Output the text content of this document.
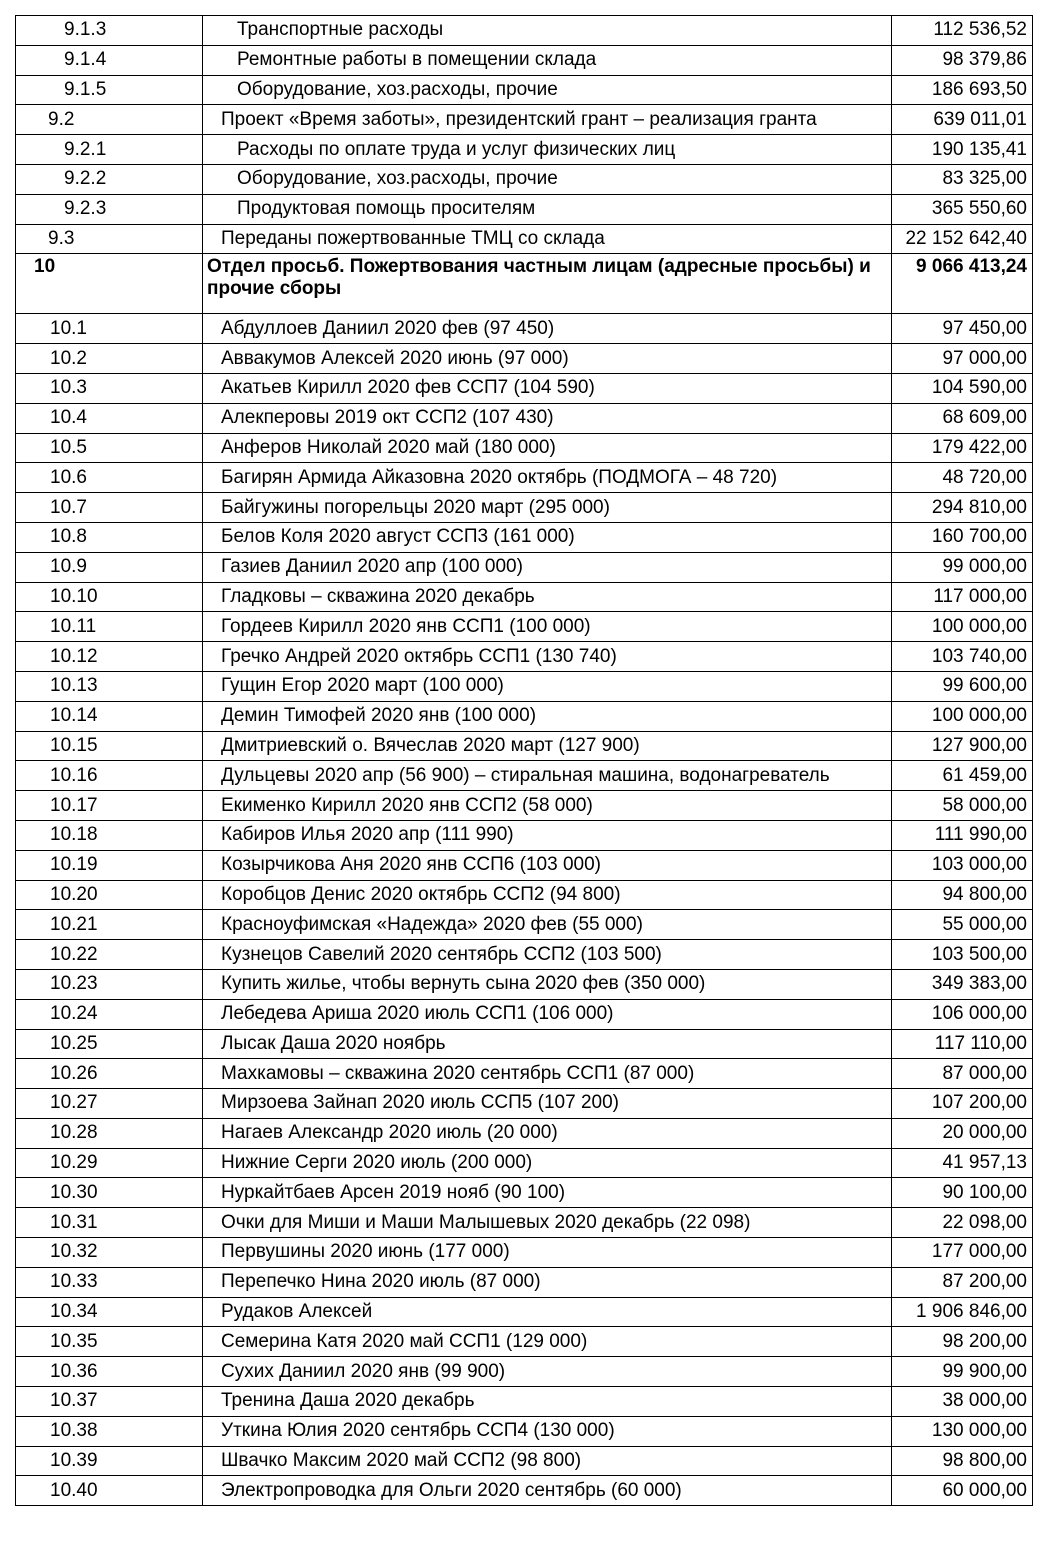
9.1.3	Транспортные расходы	112 536,52
9.1.4	Ремонтные работы в помещении склада	98 379,86
9.1.5	Оборудование, хоз.расходы, прочие	186 693,50
9.2	Проект «Время заботы», президентский грант – реализация гранта	639 011,01
9.2.1	Расходы по оплате труда и услуг физических лиц	190 135,41
9.2.2	Оборудование, хоз.расходы, прочие	83 325,00
9.2.3	Продуктовая помощь просителям	365 550,60
9.3	Переданы пожертвованные ТМЦ со склада	22 152 642,40
10	Отдел просьб. Пожертвования частным лицам (адресные просьбы) и прочие сборы	9 066 413,24
10.1	Абдуллоев Даниил 2020 фев (97 450)	97 450,00
10.2	Аввакумов Алексей 2020 июнь (97 000)	97 000,00
10.3	Акатьев Кирилл 2020 фев ССП7 (104 590)	104 590,00
10.4	Алекперовы 2019 окт ССП2 (107 430)	68 609,00
10.5	Анферов Николай 2020 май (180 000)	179 422,00
10.6	Багирян Армида Айказовна 2020 октябрь (ПОДМОГА – 48 720)	48 720,00
10.7	Байгужины погорельцы 2020 март (295 000)	294 810,00
10.8	Белов Коля 2020 август ССП3 (161 000)	160 700,00
10.9	Газиев Даниил 2020 апр (100 000)	99 000,00
10.10	Гладковы – скважина 2020 декабрь	117 000,00
10.11	Гордеев Кирилл 2020 янв ССП1 (100 000)	100 000,00
10.12	Гречко Андрей 2020 октябрь ССП1 (130 740)	103 740,00
10.13	Гущин Егор 2020 март (100 000)	99 600,00
10.14	Демин Тимофей 2020 янв (100 000)	100 000,00
10.15	Дмитриевский о. Вячеслав 2020 март (127 900)	127 900,00
10.16	Дульцевы 2020 апр (56 900) – стиральная машина, водонагреватель	61 459,00
10.17	Екименко Кирилл 2020 янв ССП2 (58 000)	58 000,00
10.18	Кабиров Илья 2020 апр (111 990)	111 990,00
10.19	Козырчикова Аня 2020 янв ССП6 (103 000)	103 000,00
10.20	Коробцов Денис 2020 октябрь ССП2 (94 800)	94 800,00
10.21	Красноуфимская «Надежда» 2020 фев (55 000)	55 000,00
10.22	Кузнецов Савелий 2020 сентябрь ССП2 (103 500)	103 500,00
10.23	Купить жилье, чтобы вернуть сына 2020 фев (350 000)	349 383,00
10.24	Лебедева Ариша 2020 июль ССП1 (106 000)	106 000,00
10.25	Лысак Даша 2020 ноябрь	117 110,00
10.26	Махкамовы – скважина 2020 сентябрь ССП1 (87 000)	87 000,00
10.27	Мирзоева Зайнап 2020 июль ССП5 (107 200)	107 200,00
10.28	Нагаев Александр 2020 июль (20 000)	20 000,00
10.29	Нижние Серги 2020 июль (200 000)	41 957,13
10.30	Нуркайтбаев Арсен 2019 нояб (90 100)	90 100,00
10.31	Очки для Миши и Маши Малышевых 2020 декабрь (22 098)	22 098,00
10.32	Первушины 2020 июнь (177 000)	177 000,00
10.33	Перепечко Нина 2020 июль (87 000)	87 200,00
10.34	Рудаков Алексей	1 906 846,00
10.35	Семерина Катя 2020 май ССП1 (129 000)	98 200,00
10.36	Сухих Даниил 2020 янв (99 900)	99 900,00
10.37	Тренина Даша 2020 декабрь	38 000,00
10.38	Уткина Юлия 2020 сентябрь ССП4 (130 000)	130 000,00
10.39	Швачко Максим 2020 май ССП2 (98 800)	98 800,00
10.40	Электропроводка для Ольги 2020 сентябрь (60 000)	60 000,00
